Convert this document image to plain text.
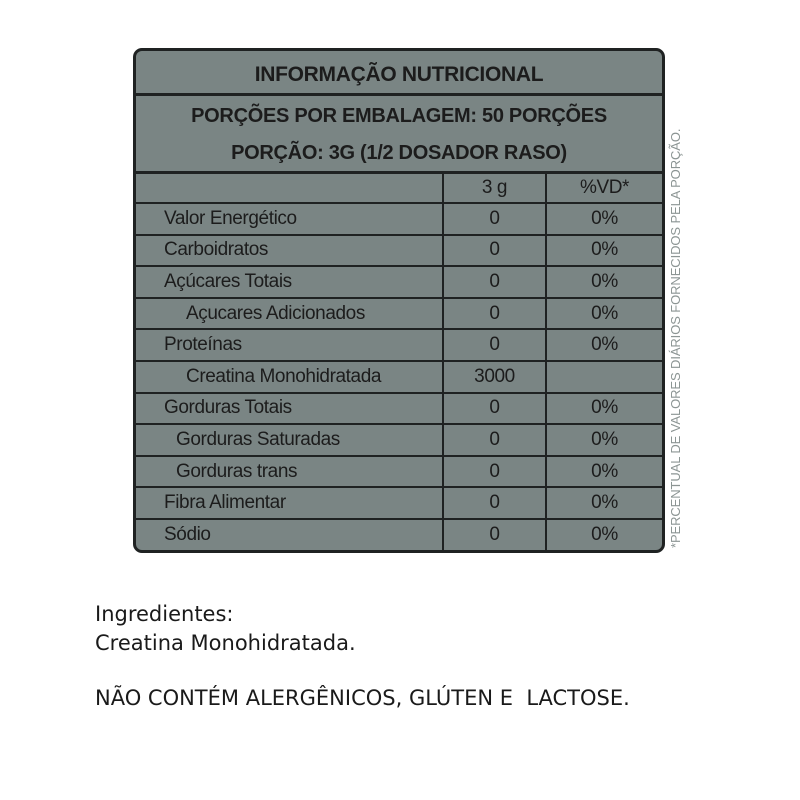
INFORMAÇÃO NUTRICIONAL
PORÇÕES POR EMBALAGEM: 50 PORÇÕES
PORÇÃO: 3G (1/2 DOSADOR RASO)
	3 g	%VD*
Valor Energético	0	0%
Carboidratos	0	0%
Açúcares Totais	0	0%
Açucares Adicionados	0	0%
Proteínas	0	0%
Creatina Monohidratada	3000	
Gorduras Totais	0	0%
Gorduras Saturadas	0	0%
Gorduras trans	0	0%
Fibra Alimentar	0	0%
Sódio	0	0%	*PERCENTUAL DE VALORES DIÁRIOS FORNECIDOS PELA PORÇÃO.
Ingredientes:
Creatina Monohidratada.
NÃO CONTÉM ALERGÊNICOS, GLÚTEN E  LACTOSE.
